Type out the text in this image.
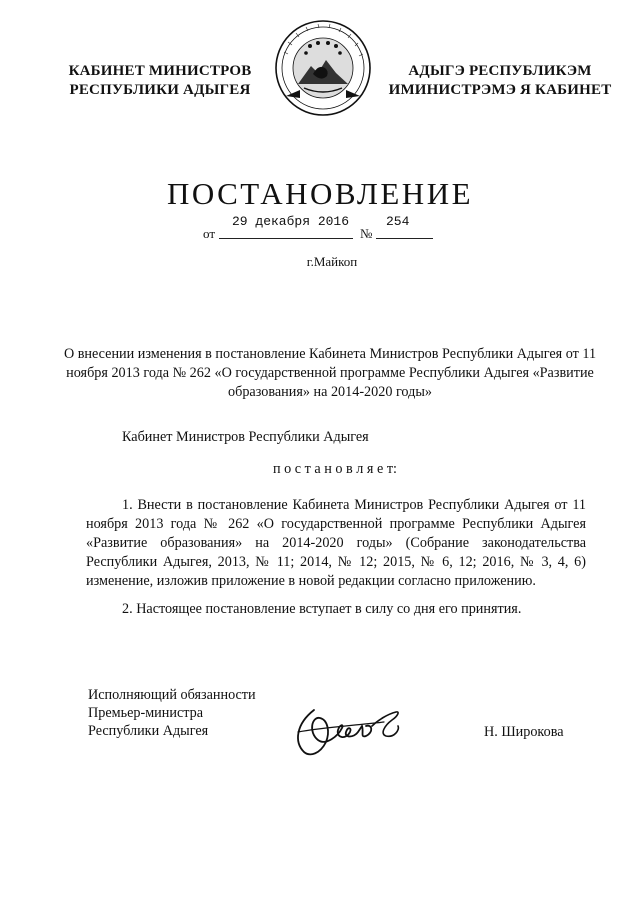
КАБИНЕТ МИНИСТРОВ
РЕСПУБЛИКИ АДЫГЕЯ
АДЫГЭ РЕСПУБЛИКЭМ
ИМИНИСТРЭМЭ Я КАБИНЕТ
ПОСТАНОВЛЕНИЕ
от
29 декабря 2016
№
254
г.Майкоп
О внесении изменения в постановление Кабинета Министров Республики Адыгея от 11 ноября 2013 года № 262 «О государственной программе Республики Адыгея «Развитие образования» на 2014-2020 годы»
Кабинет Министров Республики Адыгея
п о с т а н о в л я е т:
1. Внести в постановление Кабинета Министров Республики Адыгея от 11 ноября 2013 года № 262 «О государственной программе Республики Адыгея «Развитие образования» на 2014-2020 годы» (Собрание законодательства Республики Адыгея, 2013, № 11; 2014, № 12; 2015, № 6, 12; 2016, № 3, 4, 6) изменение, изложив приложение в новой редакции согласно приложению.
2. Настоящее постановление вступает в силу со дня его принятия.
Исполняющий обязанности
Премьер-министра
Республики Адыгея	Н. Широкова
